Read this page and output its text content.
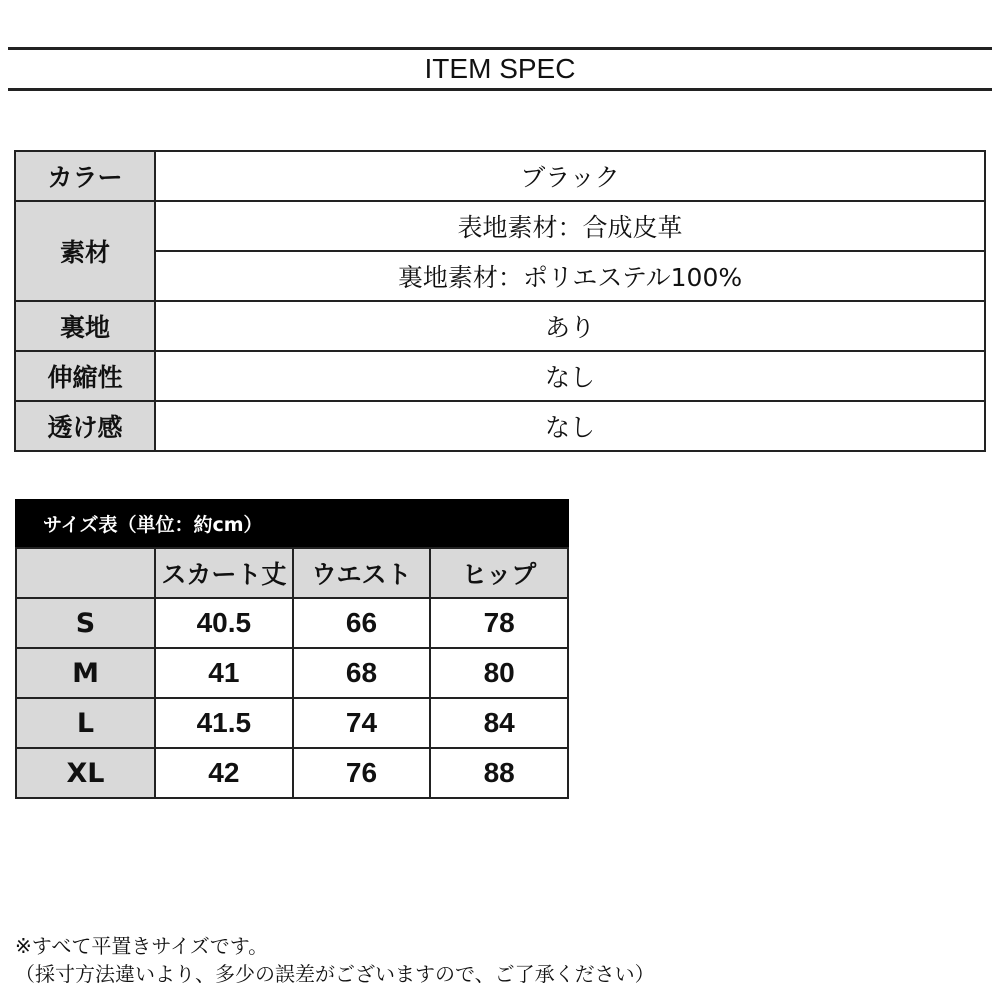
ITEM SPEC
カラー	ブラック
素材	表地素材：合成皮革
	裏地素材：ポリエステル100%
裏地	あり
伸縮性	なし
透け感	なし
サイズ表（単位：約cm）
	スカート丈	ウエスト	ヒップ
S	40.5	66	78
M	41	68	80
L	41.5	74	84
XL	42	76	88
※すべて平置きサイズです。
（採寸方法違いより、多少の誤差がございますので、ご了承ください）
